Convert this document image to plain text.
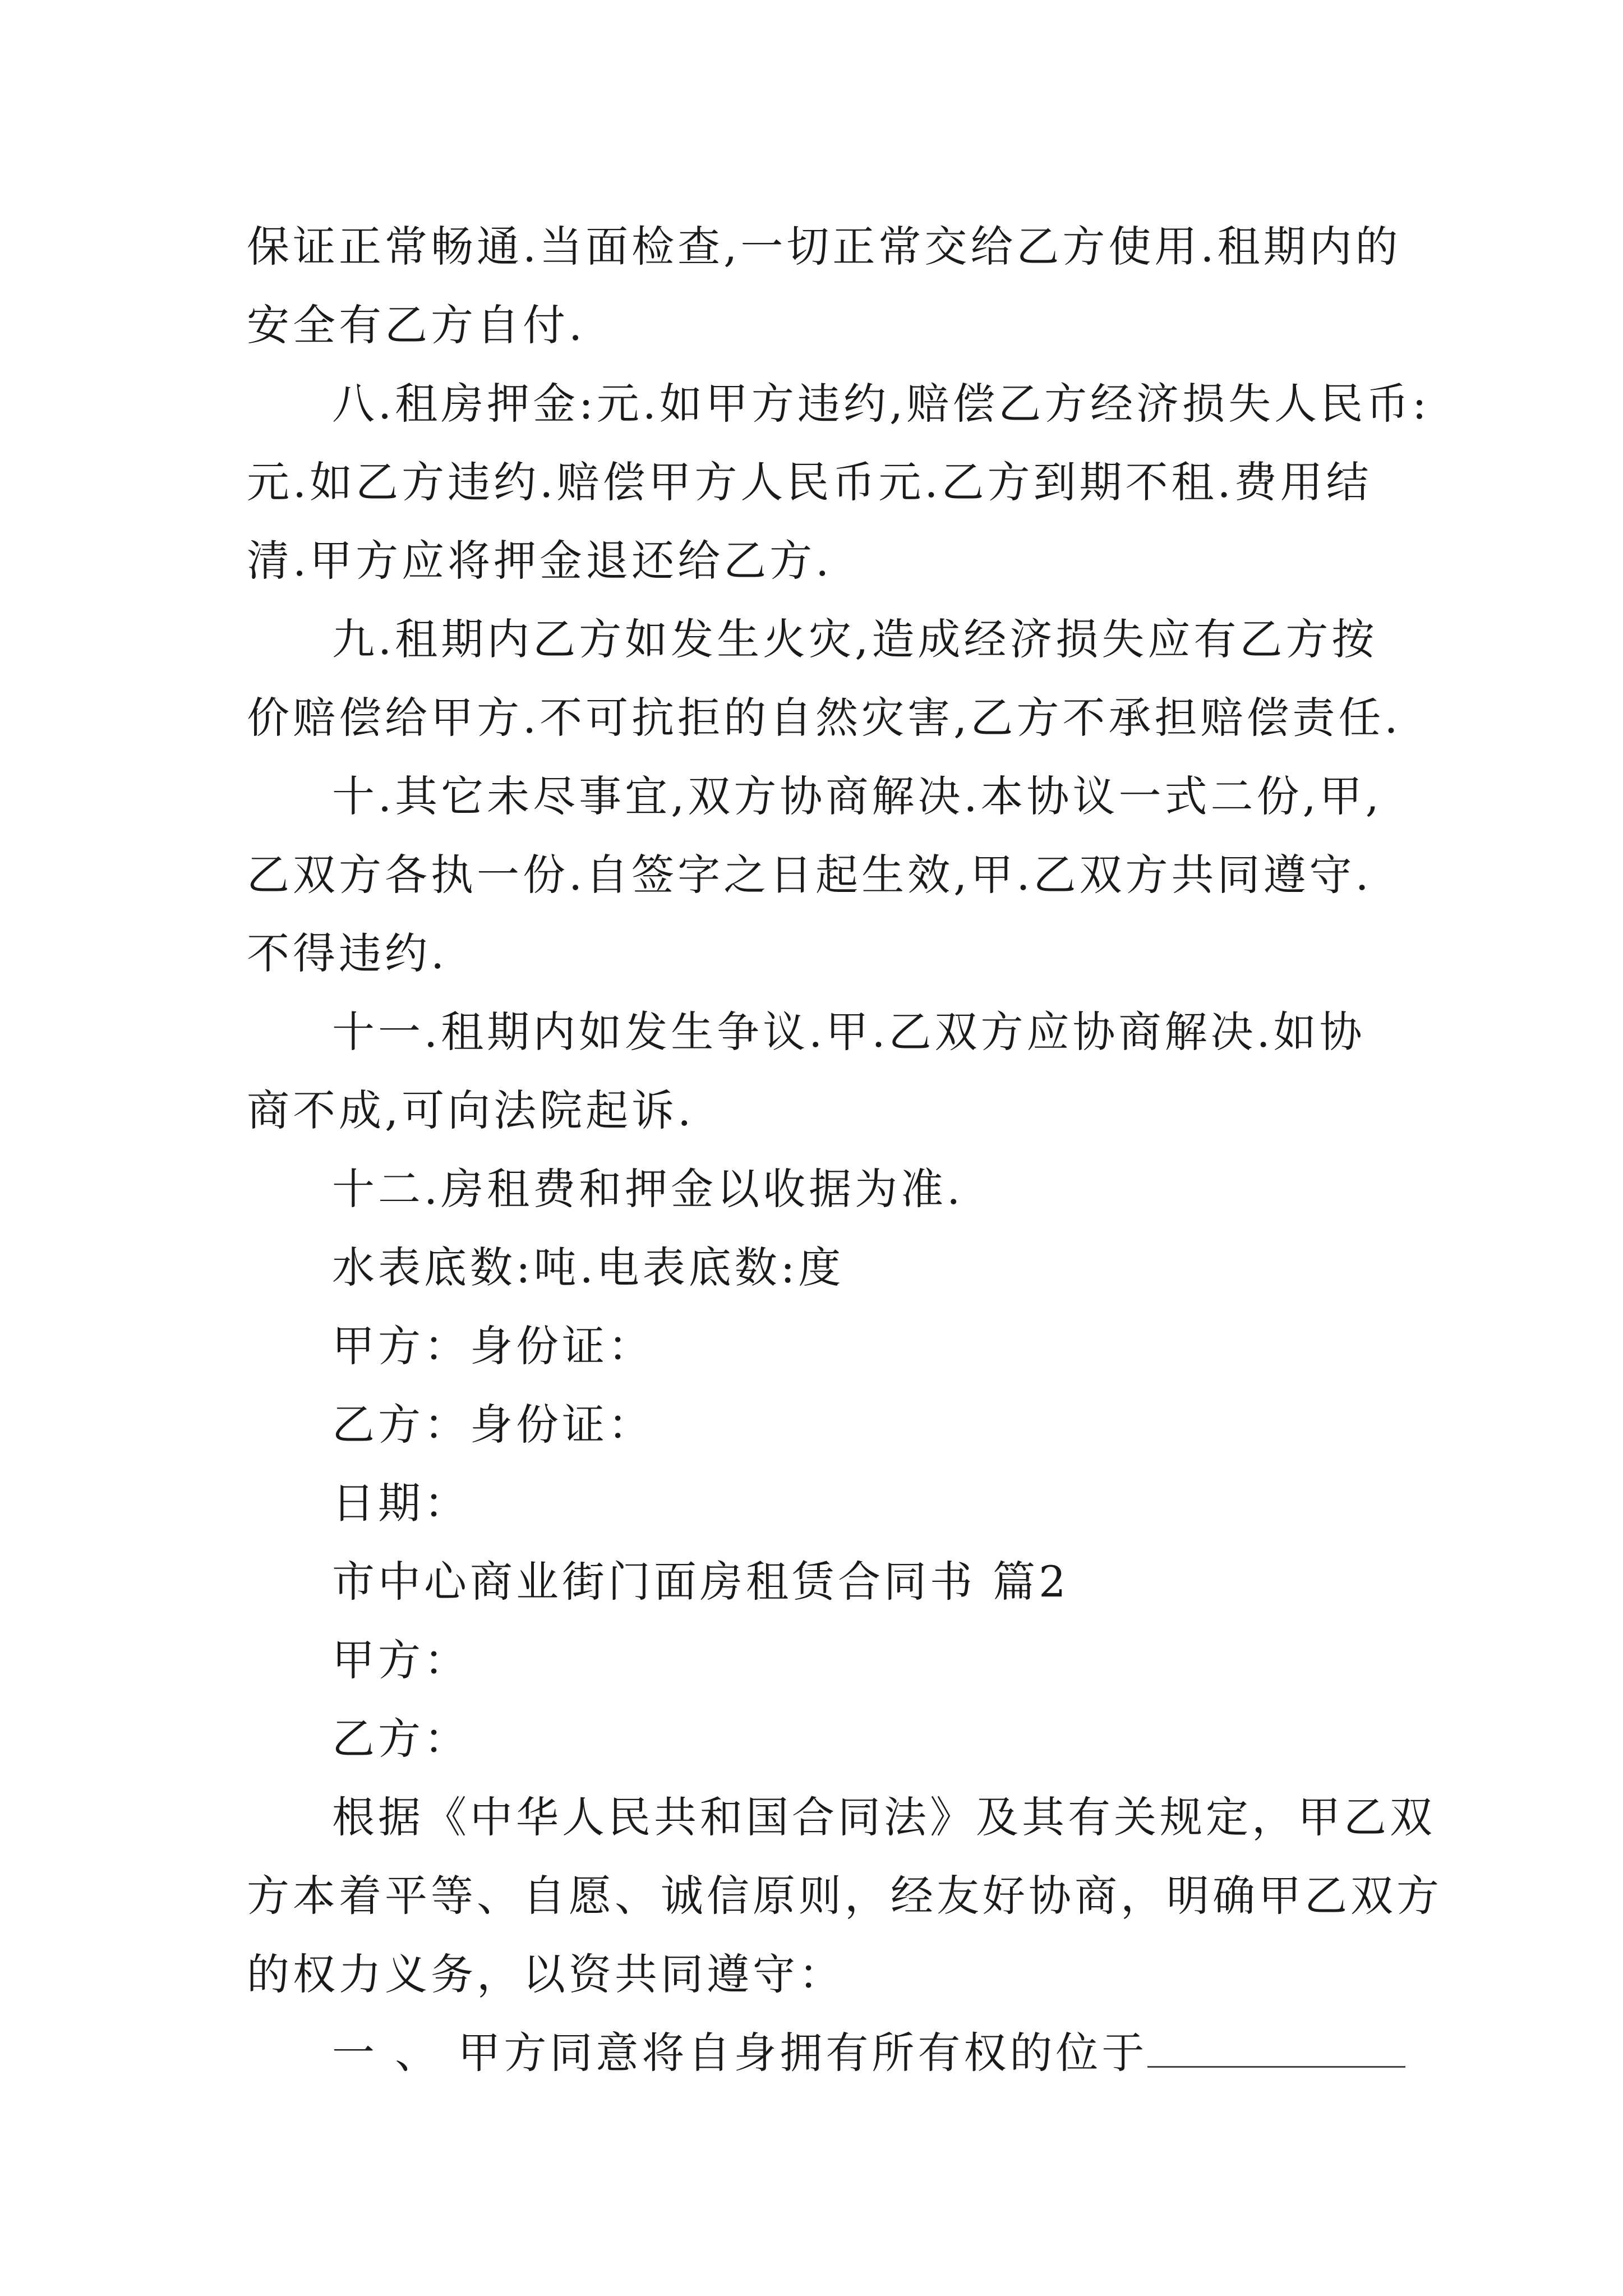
保证正常畅通.当面检查,一切正常交给乙方使用.租期内的
安全有乙方自付.
八.租房押金:元.如甲方违约,赔偿乙方经济损失人民币:
元.如乙方违约.赔偿甲方人民币元.乙方到期不租.费用结
清.甲方应将押金退还给乙方.
九.租期内乙方如发生火灾,造成经济损失应有乙方按
价赔偿给甲方.不可抗拒的自然灾害,乙方不承担赔偿责任.
十.其它未尽事宜,双方协商解决.本协议一式二份,甲,
乙双方各执一份.自签字之日起生效,甲.乙双方共同遵守.
不得违约.
十一.租期内如发生争议.甲.乙双方应协商解决.如协
商不成,可向法院起诉.
十二.房租费和押金以收据为准.
水表底数:吨.电表底数:度
甲方：身份证：
乙方：身份证：
日期：
市中心商业街门面房租赁合同书 篇2
甲方：
乙方：
根据《中华人民共和国合同法》及其有关规定，甲乙双
方本着平等、自愿、诚信原则，经友好协商，明确甲乙双方
的权力义务，以资共同遵守：
一 、 甲方同意将自身拥有所有权的位于
